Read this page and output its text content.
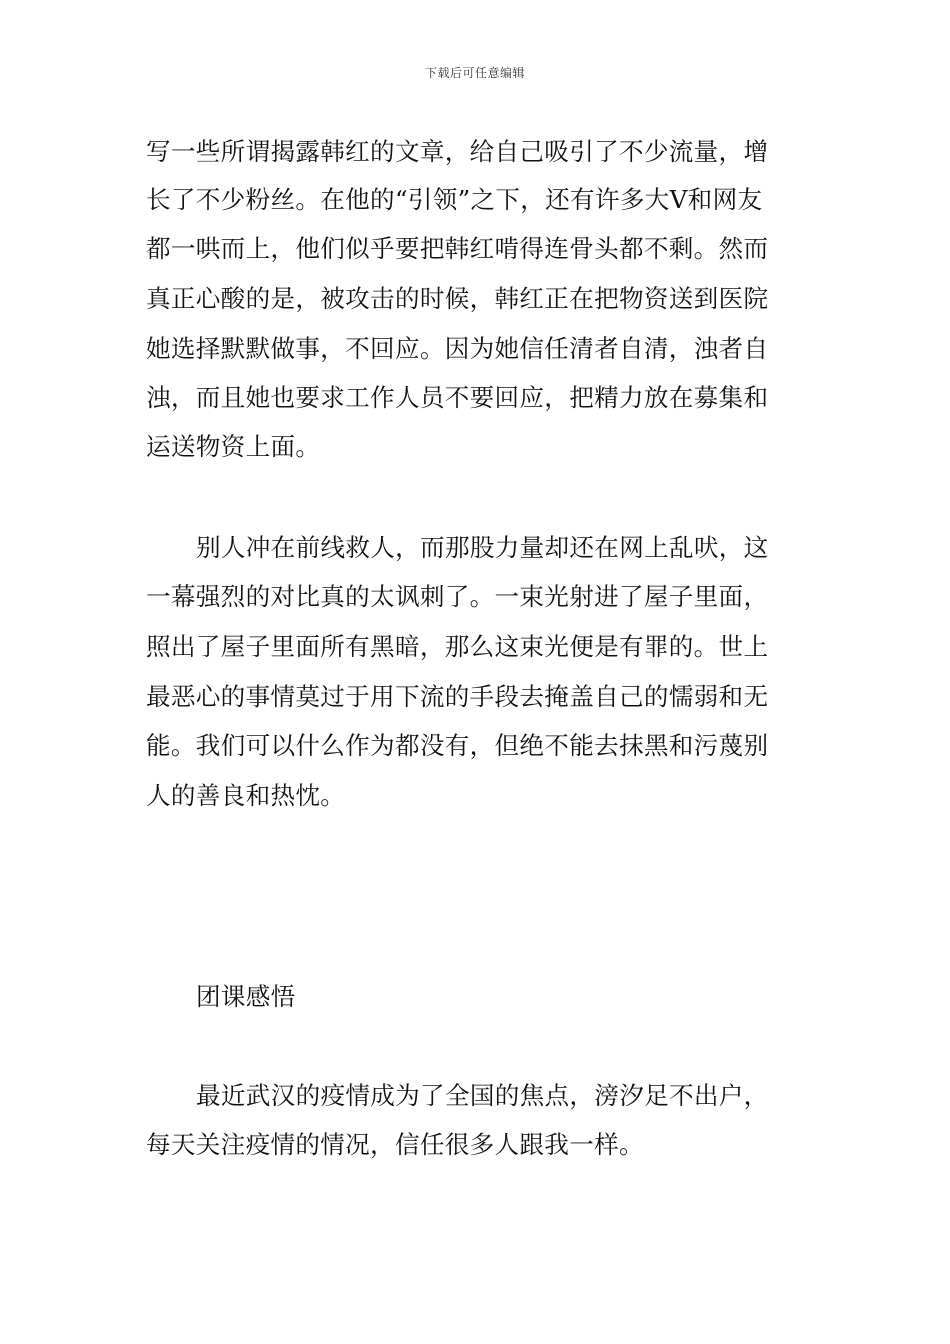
下载后可任意编辑
写一些所谓揭露韩红的文章，给自己吸引了不少流量，增
长了不少粉丝。在他的“引领”之下，还有许多大V和网友
都一哄而上，他们似乎要把韩红啃得连骨头都不剩。然而
真正心酸的是，被攻击的时候，韩红正在把物资送到医院
她选择默默做事，不回应。因为她信任清者自清，浊者自
浊，而且她也要求工作人员不要回应，把精力放在募集和
运送物资上面。
别人冲在前线救人，而那股力量却还在网上乱吠，这
一幕强烈的对比真的太讽刺了。一束光射进了屋子里面，
照出了屋子里面所有黑暗，那么这束光便是有罪的。世上
最恶心的事情莫过于用下流的手段去掩盖自己的懦弱和无
能。我们可以什么作为都没有，但绝不能去抹黑和污蔑别
人的善良和热忱。
团课感悟
最近武汉的疫情成为了全国的焦点，滂汐足不出户，
每天关注疫情的情况，信任很多人跟我一样。
